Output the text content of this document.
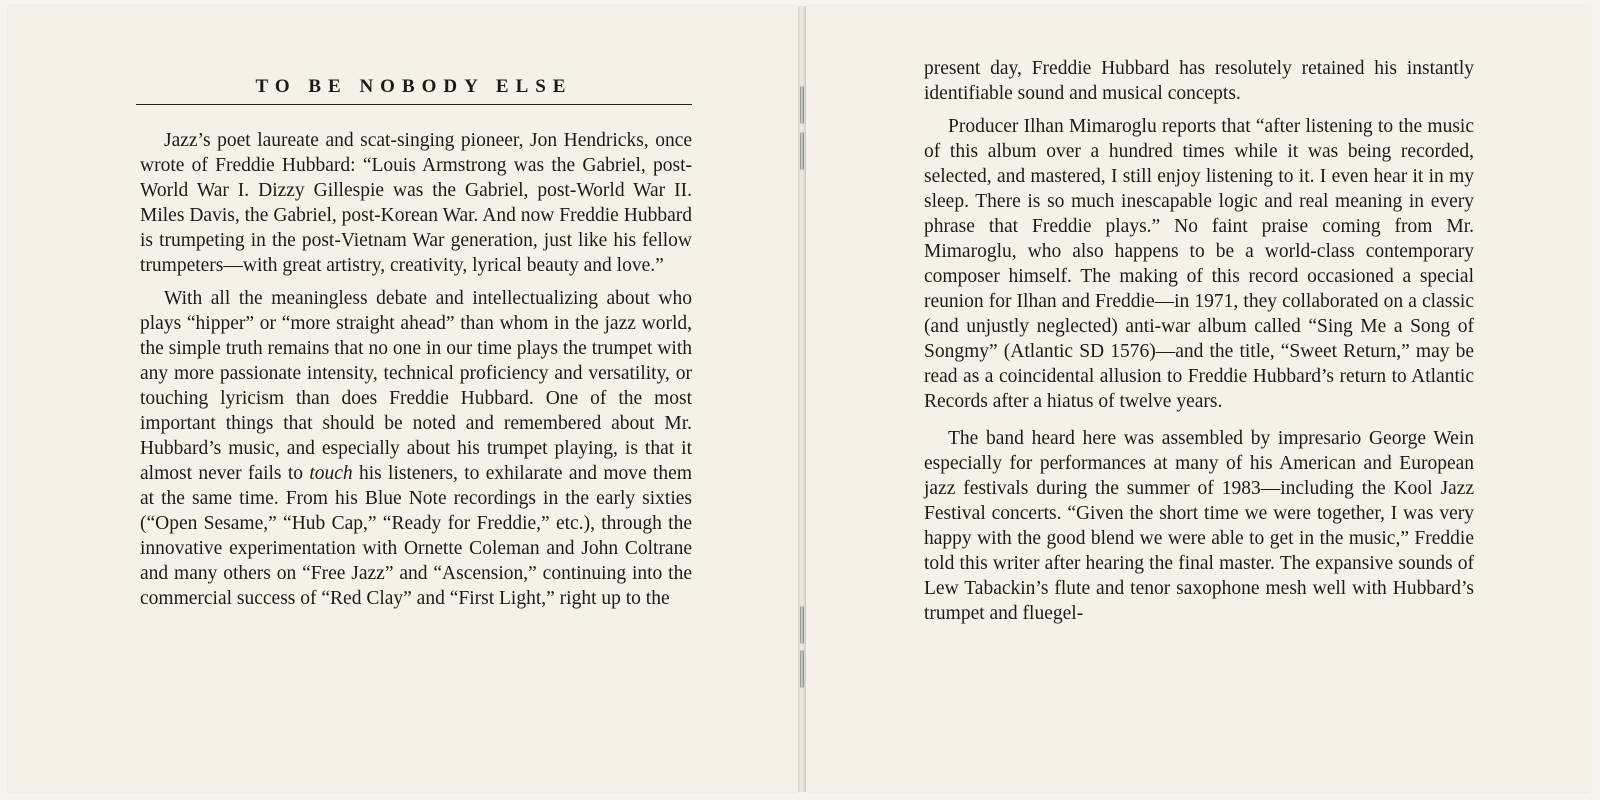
TO BE NOBODY ELSE

Jazz’s poet laureate and scat-singing pioneer, Jon Hendricks, once wrote of Freddie Hubbard: “Louis Armstrong was the Gabriel, post-World War I. Dizzy Gillespie was the Gabriel, post-World War II. Miles Davis, the Gabriel, post-Korean War. And now Freddie Hubbard is trumpeting in the post-Vietnam War generation, just like his fellow trumpeters—with great artistry, creativity, lyrical beauty and love.”

With all the meaningless debate and intellectualizing about who plays “hipper” or “more straight ahead” than whom in the jazz world, the simple truth remains that no one in our time plays the trumpet with any more passionate intensity, technical proficiency and versatility, or touching lyricism than does Freddie Hubbard. One of the most important things that should be noted and remembered about Mr. Hubbard’s music, and especially about his trumpet playing, is that it almost never fails to touch his listeners, to exhilarate and move them at the same time. From his Blue Note recordings in the early sixties (“Open Sesame,” “Hub Cap,” “Ready for Freddie,” etc.), through the innovative experimentation with Ornette Coleman and John Coltrane and many others on “Free Jazz” and “Ascension,” continuing into the commercial success of “Red Clay” and “First Light,” right up to the

present day, Freddie Hubbard has resolutely retained his instantly identifiable sound and musical concepts.

Producer Ilhan Mimaroglu reports that “after listening to the music of this album over a hundred times while it was being recorded, selected, and mastered, I still enjoy listening to it. I even hear it in my sleep. There is so much inescapable logic and real meaning in every phrase that Freddie plays.” No faint praise coming from Mr. Mimaroglu, who also happens to be a world-class contemporary composer himself. The making of this record occasioned a special reunion for Ilhan and Freddie—in 1971, they collaborated on a classic (and unjustly neglected) anti-war album called “Sing Me a Song of Songmy” (Atlantic SD 1576)—and the title, “Sweet Return,” may be read as a coincidental allusion to Freddie Hubbard’s return to Atlantic Records after a hiatus of twelve years.

The band heard here was assembled by impresario George Wein especially for performances at many of his American and European jazz festivals during the summer of 1983—including the Kool Jazz Festival concerts. “Given the short time we were together, I was very happy with the good blend we were able to get in the music,” Freddie told this writer after hearing the final master. The expansive sounds of Lew Tabackin’s flute and tenor saxophone mesh well with Hubbard’s trumpet and fluegel-
